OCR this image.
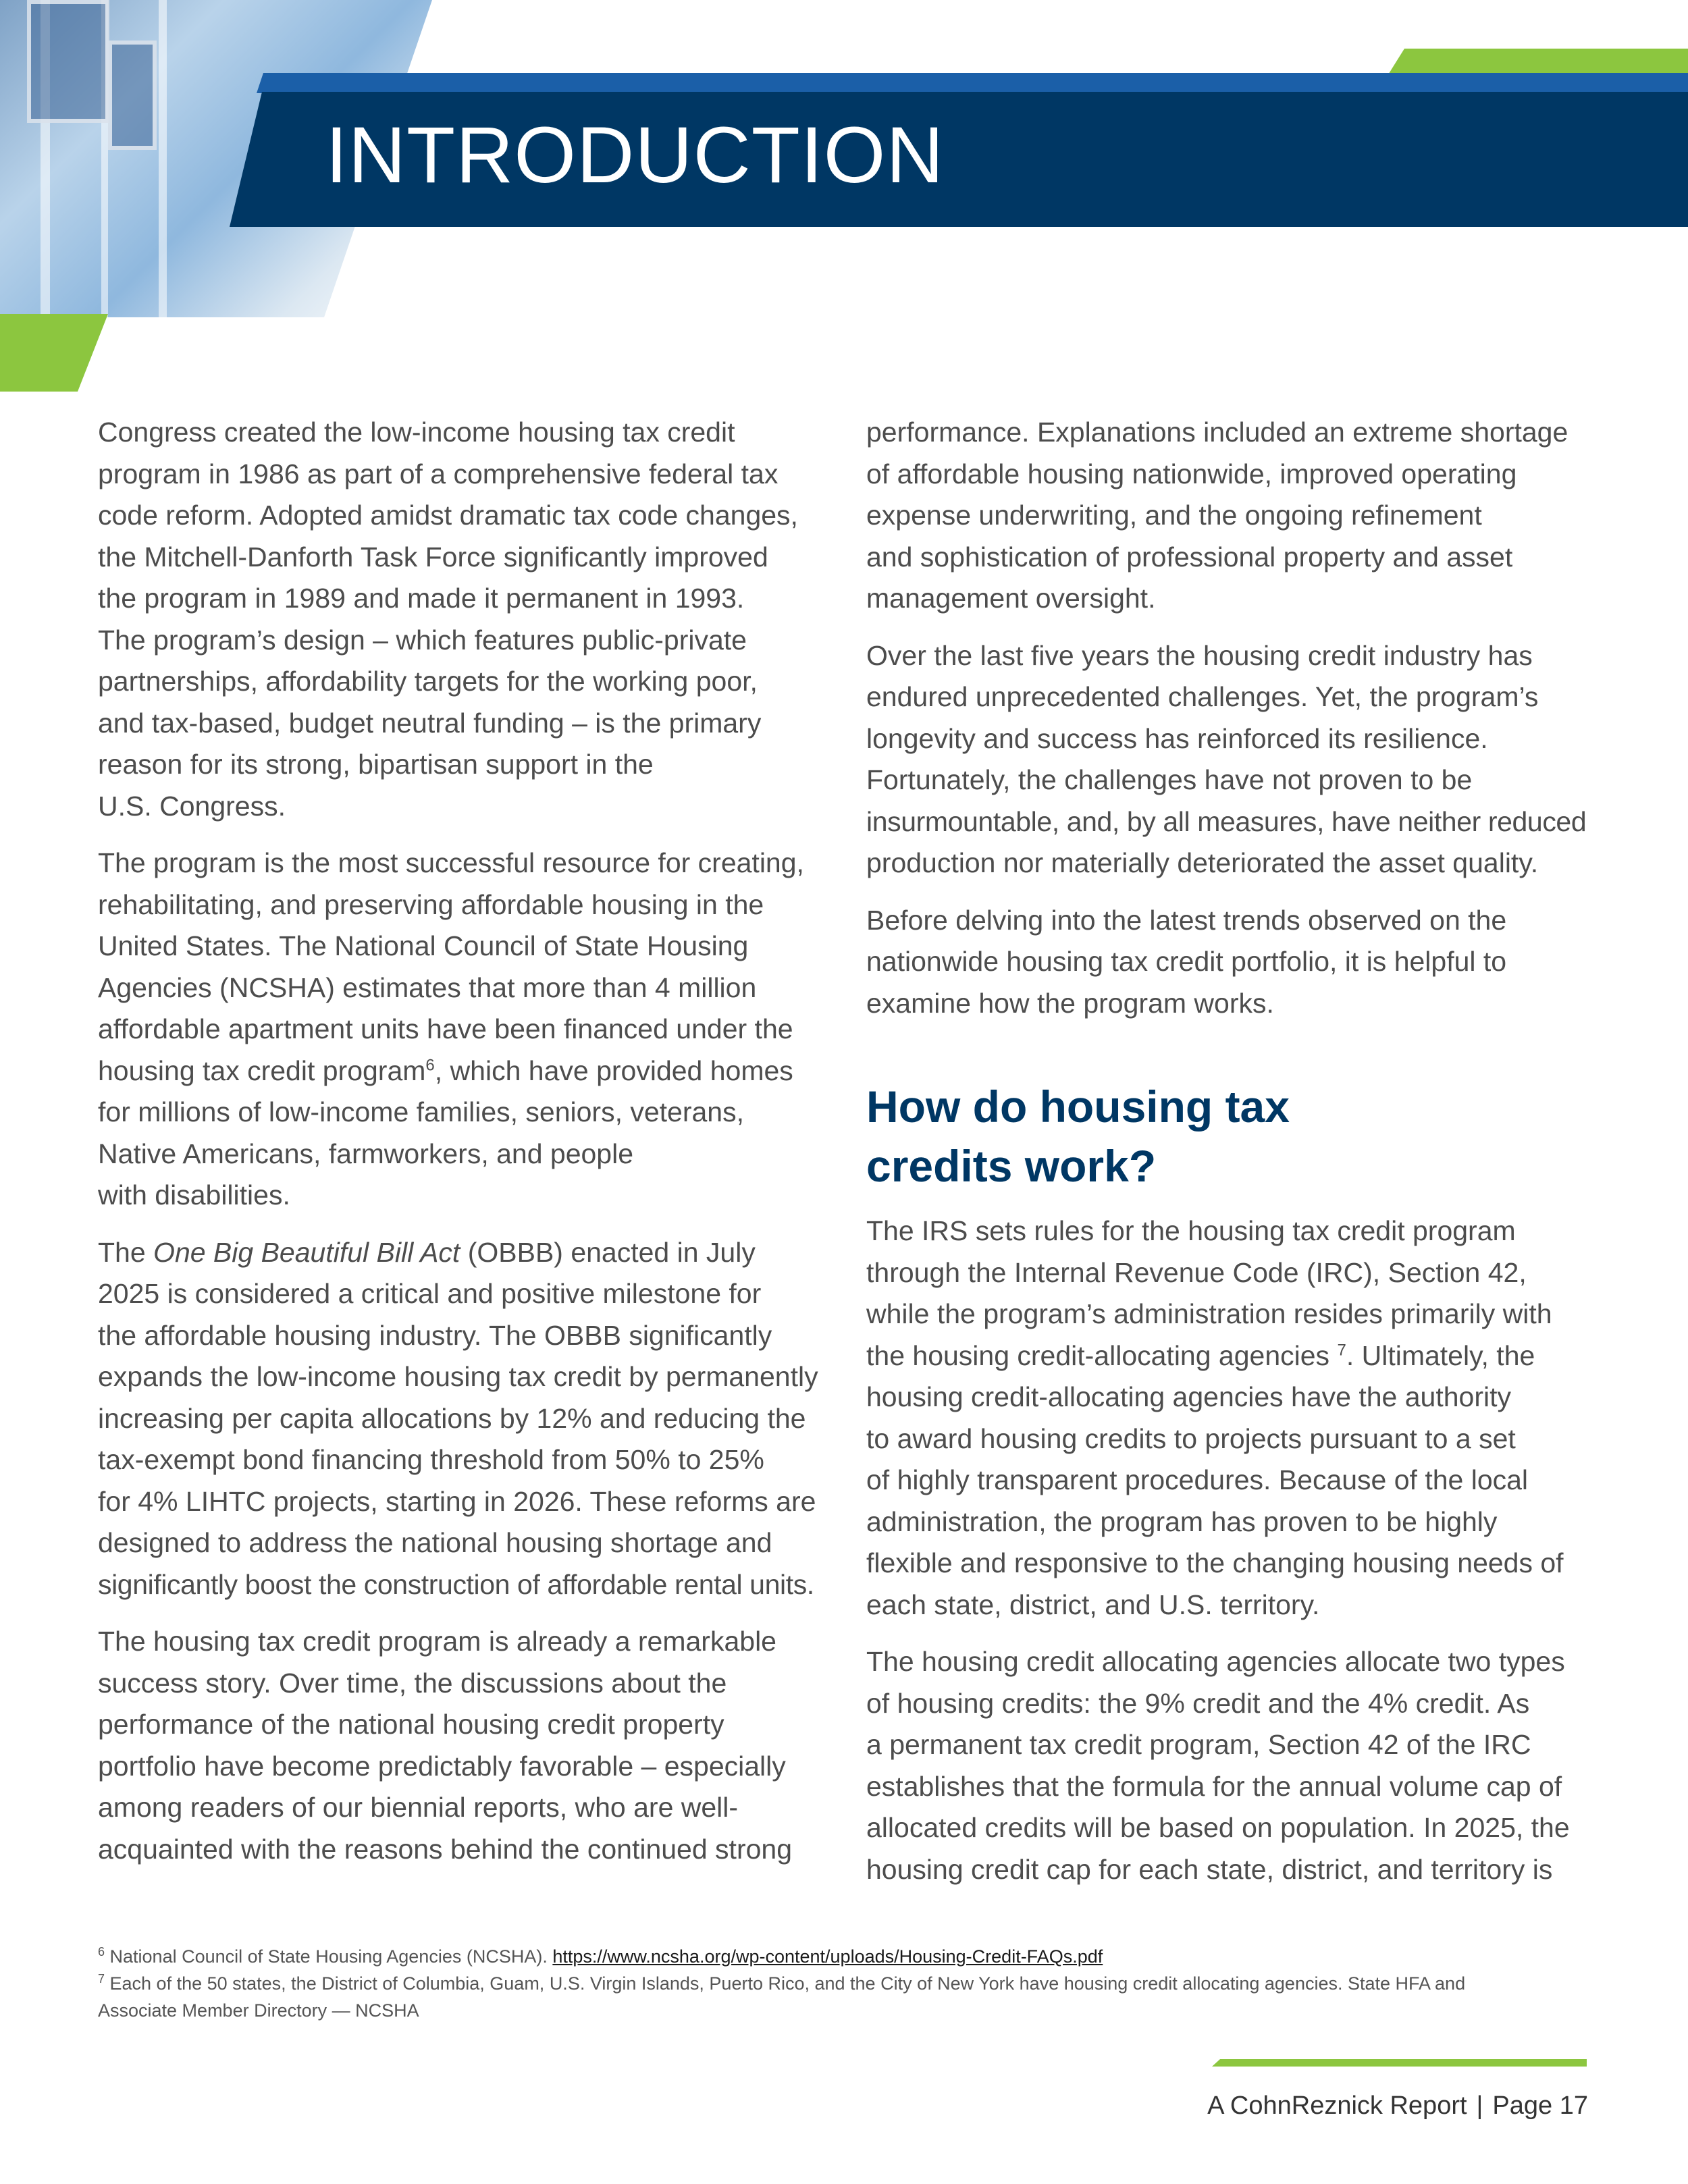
INTRODUCTION

Congress created the low-income housing tax credit
program in 1986 as part of a comprehensive federal tax
code reform. Adopted amidst dramatic tax code changes,
the Mitchell-Danforth Task Force significantly improved
the program in 1989 and made it permanent in 1993.
The program’s design – which features public-private
partnerships, affordability targets for the working poor,
and tax-based, budget neutral funding – is the primary
reason for its strong, bipartisan support in the
U.S. Congress.

The program is the most successful resource for creating,
rehabilitating, and preserving affordable housing in the
United States. The National Council of State Housing
Agencies (NCSHA) estimates that more than 4 million
affordable apartment units have been financed under the
housing tax credit program$^6$, which have provided homes
for millions of low-income families, seniors, veterans,
Native Americans, farmworkers, and people
with disabilities.

The One Big Beautiful Bill Act (OBBB) enacted in July
2025 is considered a critical and positive milestone for
the affordable housing industry. The OBBB significantly
expands the low-income housing tax credit by permanently
increasing per capita allocations by 12% and reducing the
tax-exempt bond financing threshold from 50% to 25%
for 4% LIHTC projects, starting in 2026. These reforms are
designed to address the national housing shortage and
significantly boost the construction of affordable rental units.

The housing tax credit program is already a remarkable
success story. Over time, the discussions about the
performance of the national housing credit property
portfolio have become predictably favorable – especially
among readers of our biennial reports, who are well-
acquainted with the reasons behind the continued strong

performance. Explanations included an extreme shortage
of affordable housing nationwide, improved operating
expense underwriting, and the ongoing refinement
and sophistication of professional property and asset
management oversight.

Over the last five years the housing credit industry has
endured unprecedented challenges. Yet, the program’s
longevity and success has reinforced its resilience.
Fortunately, the challenges have not proven to be
insurmountable, and, by all measures, have neither reduced
production nor materially deteriorated the asset quality.

Before delving into the latest trends observed on the
nationwide housing tax credit portfolio, it is helpful to
examine how the program works.

How do housing tax
credits work?

The IRS sets rules for the housing tax credit program
through the Internal Revenue Code (IRC), Section 42,
while the program’s administration resides primarily with
the housing credit-allocating agencies $^7$. Ultimately, the
housing credit-allocating agencies have the authority
to award housing credits to projects pursuant to a set
of highly transparent procedures. Because of the local
administration, the program has proven to be highly
flexible and responsive to the changing housing needs of
each state, district, and U.S. territory.

The housing credit allocating agencies allocate two types
of housing credits: the 9% credit and the 4% credit. As
a permanent tax credit program, Section 42 of the IRC
establishes that the formula for the annual volume cap of
allocated credits will be based on population. In 2025, the
housing credit cap for each state, district, and territory is

$^6$ National Council of State Housing Agencies (NCSHA). https://www.ncsha.org/wp-content/uploads/Housing-Credit-FAQs.pdf
$^7$ Each of the 50 states, the District of Columbia, Guam, U.S. Virgin Islands, Puerto Rico, and the City of New York have housing credit allocating agencies. State HFA and
Associate Member Directory — NCSHA
A CohnReznick Report | Page 17
